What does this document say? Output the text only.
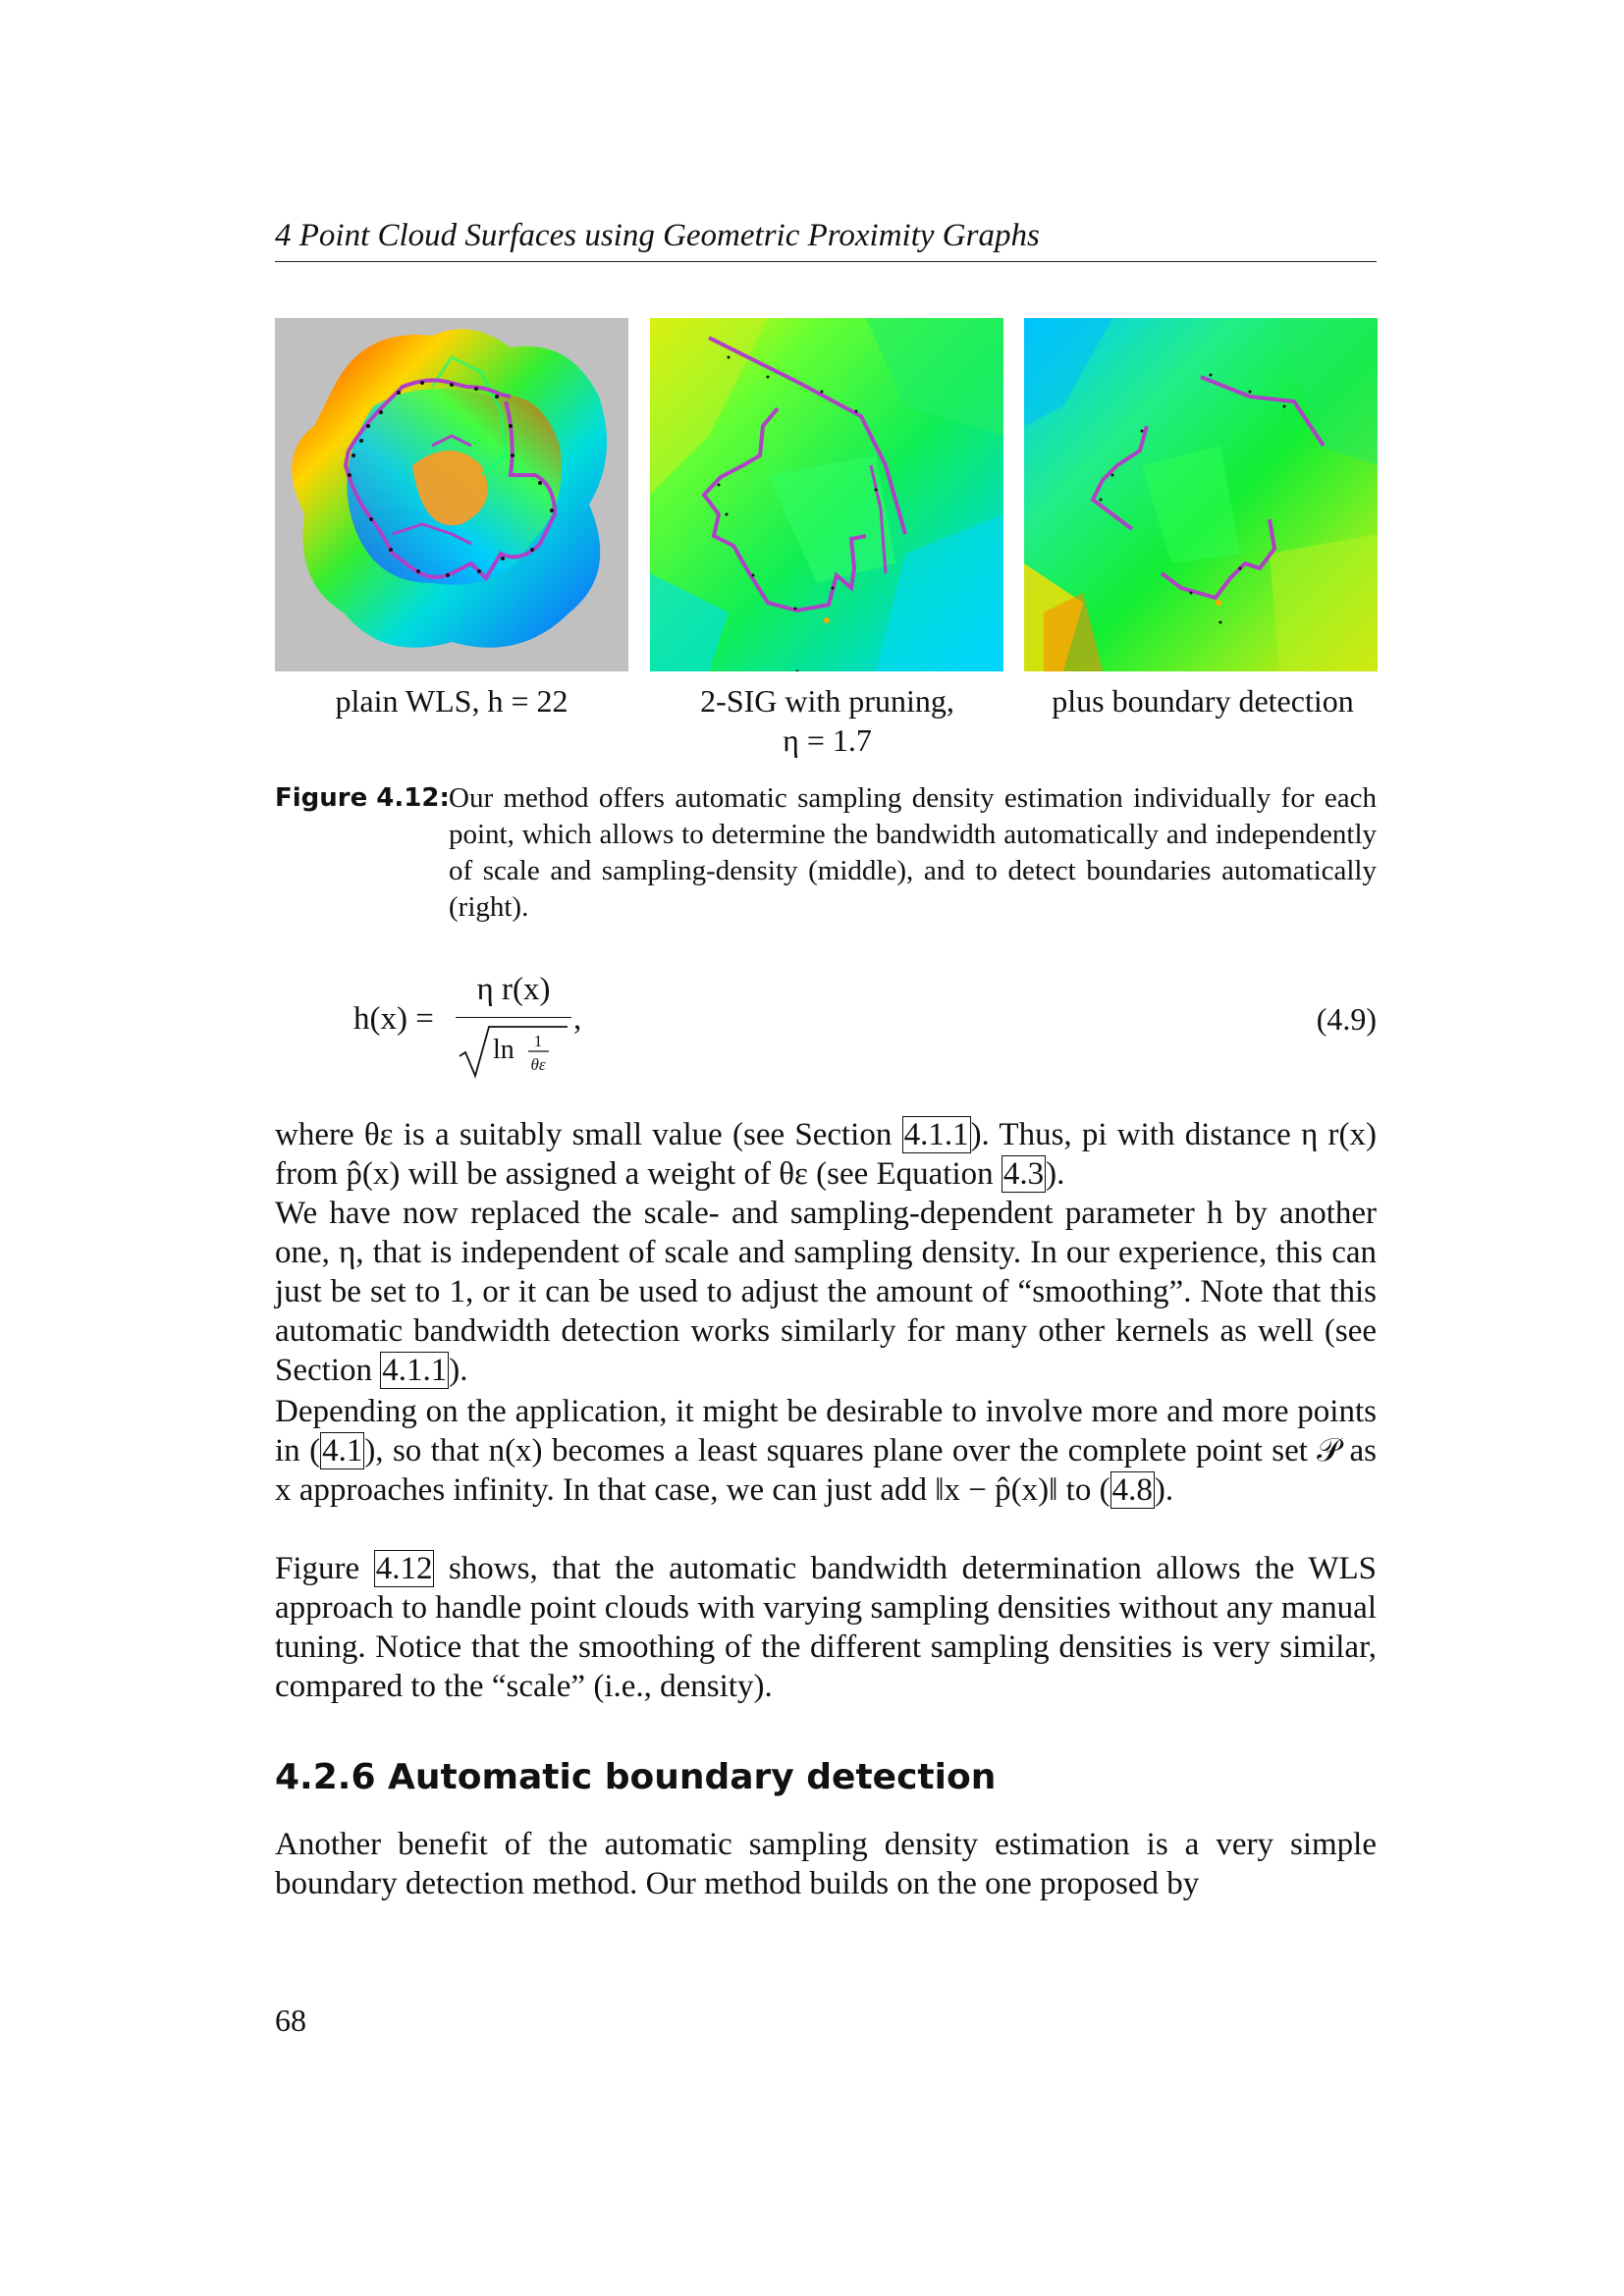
4 Point Cloud Surfaces using Geometric Proximity Graphs
plain WLS, h = 22	2-SIG with pruning,
η = 1.7
plus boundary detection
Figure 4.12: Our method offers automatic sampling density estimation individually for each point, which allows to determine the bandwidth automatically and independently of scale and sampling-density (middle), and to detect boundaries automatically (right).
h(x) =
η r(x)
ln 1
θε
,	(4.9)

where θε is a suitably small value (see Section 4.1.1). Thus, pi with distance η r(x) from p̂(x) will be assigned a weight of θε (see Equation 4.3).

We have now replaced the scale- and sampling-dependent parameter h by another one, η, that is independent of scale and sampling density. In our experience, this can just be set to 1, or it can be used to adjust the amount of “smoothing”. Note that this automatic bandwidth detection works similarly for many other kernels as well (see Section 4.1.1).

Depending on the application, it might be desirable to involve more and more points in (4.1), so that n(x) becomes a least squares plane over the complete point set 𝒫 as x approaches infinity. In that case, we can just add ‖x − p̂(x)‖ to (4.8).

Figure 4.12 shows, that the automatic bandwidth determination allows the WLS approach to handle point clouds with varying sampling densities without any manual tuning. Notice that the smoothing of the different sampling densities is very similar, compared to the “scale” (i.e., density).

4.2.6 Automatic boundary detection

Another benefit of the automatic sampling density estimation is a very simple boundary detection method. Our method builds on the one proposed by

68
